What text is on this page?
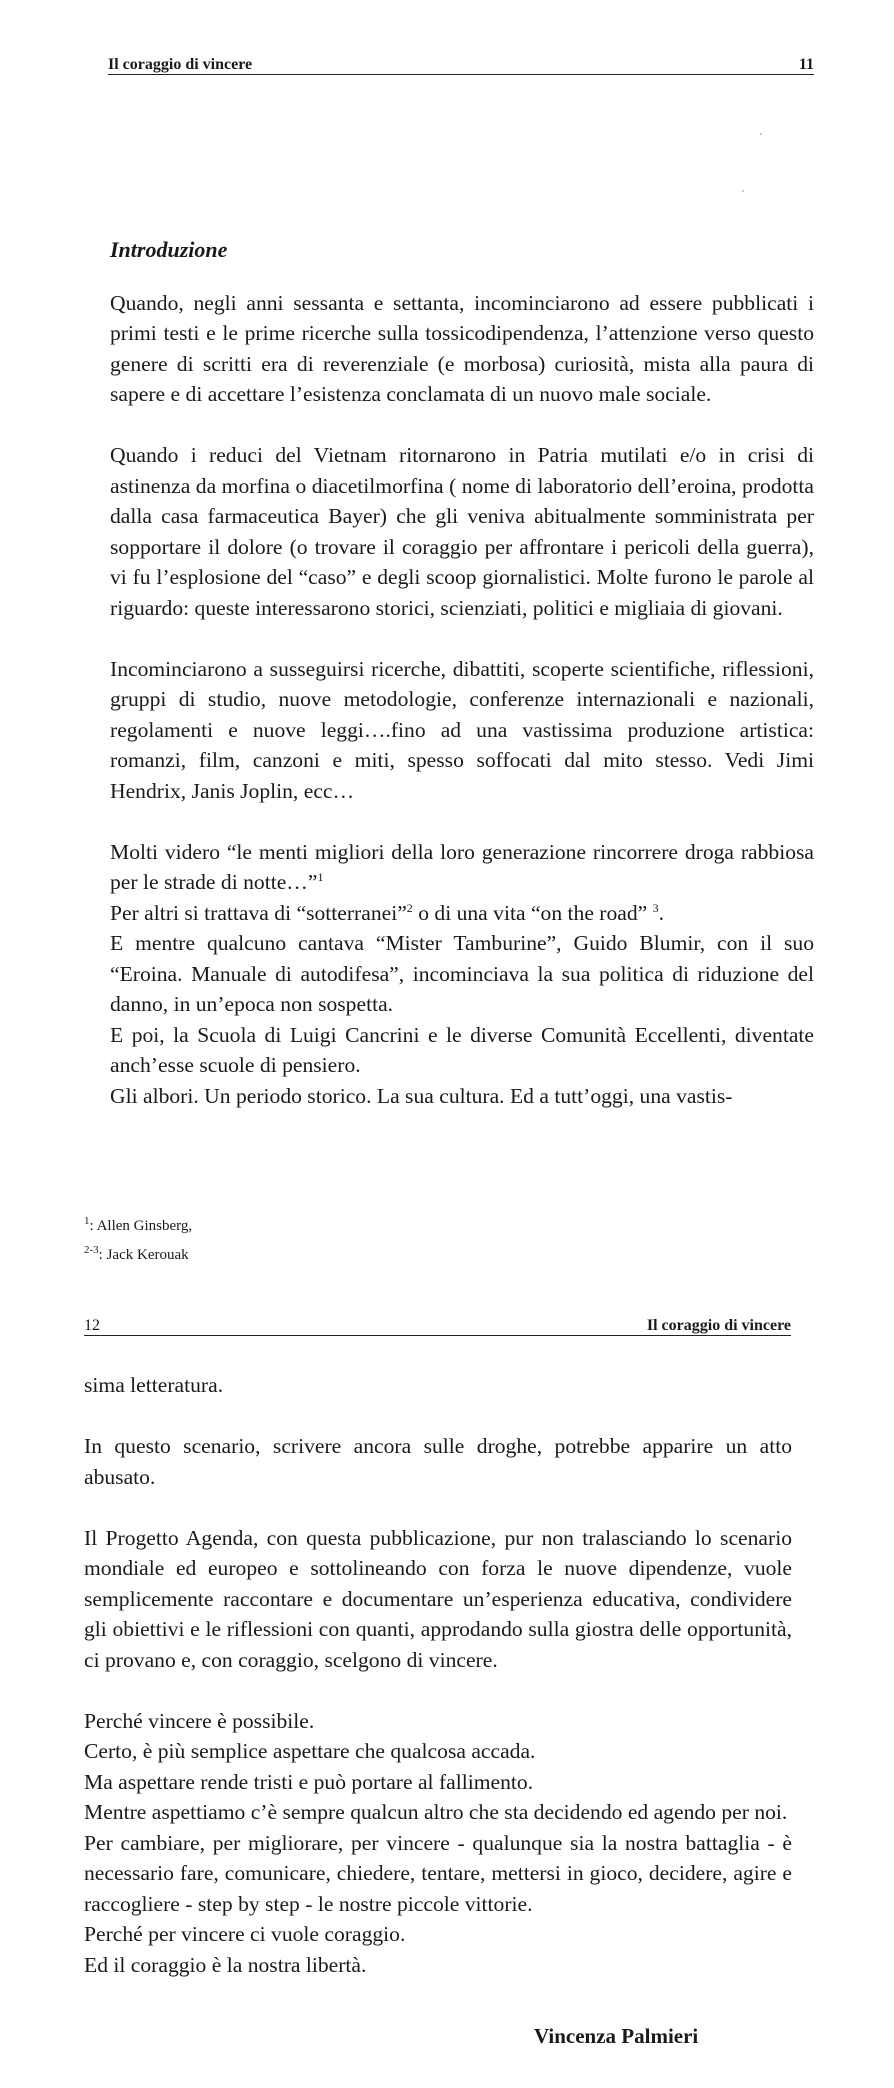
Il coraggio di vincere	11
Introduzione

Quando, negli anni sessanta e settanta, incominciarono ad essere pubblicati i primi testi e le prime ricerche sulla tossicodipendenza, l’attenzione verso questo genere di scritti era di reverenziale (e morbosa) curiosità, mista alla paura di sapere e di accettare l’esistenza conclamata di un nuovo male sociale.

Quando i reduci del Vietnam ritornarono in Patria mutilati e/o in crisi di astinenza da morfina o diacetilmorfina ( nome di laboratorio dell’eroina, prodotta dalla casa farmaceutica Bayer) che gli veniva abitualmente somministrata per sopportare il dolore (o trovare il coraggio per affrontare i pericoli della guerra), vi fu l’esplosione del “caso” e degli scoop giornalistici. Molte furono le parole al riguardo: queste interessarono storici, scienziati, politici e migliaia di giovani.

Incominciarono a susseguirsi ricerche, dibattiti, scoperte scientifiche, riflessioni, gruppi di studio, nuove metodologie, conferenze internazionali e nazionali, regolamenti e nuove leggi….fino ad una vastissima produzione artistica: romanzi, film, canzoni e miti, spesso soffocati dal mito stesso. Vedi Jimi Hendrix, Janis Joplin, ecc…

Molti videro “le menti migliori della loro generazione rincorrere droga rabbiosa per le strade di notte…”$^1$
Per altri si trattava di “sotterranei”$^2$ o di una vita “on the road” $^3$.
E mentre qualcuno cantava “Mister Tamburine”, Guido Blumir, con il suo “Eroina. Manuale di autodifesa”, incominciava la sua politica di riduzione del danno, in un’epoca non sospetta.
E poi, la Scuola di Luigi Cancrini e le diverse Comunità Eccellenti, diventate anch’esse scuole di pensiero.
Gli albori. Un periodo storico. La sua cultura. Ed a tutt’oggi, una vastis-
$^1$: Allen Ginsberg,
$^{2-3}$: Jack Kerouak
12	Il coraggio di vincere

sima letteratura.

In questo scenario, scrivere ancora sulle droghe, potrebbe apparire un atto abusato.

Il Progetto Agenda, con questa pubblicazione, pur non tralasciando lo scenario mondiale ed europeo e sottolineando con forza le nuove dipendenze, vuole semplicemente raccontare e documentare un’esperienza educativa, condividere gli obiettivi e le riflessioni con quanti, approdando sulla giostra delle opportunità, ci provano e, con coraggio, scelgono di vincere.

Perché vincere è possibile.
Certo, è più semplice aspettare che qualcosa accada.
Ma aspettare rende tristi e può portare al fallimento.
Mentre aspettiamo c’è sempre qualcun altro che sta decidendo ed agendo per noi.
Per cambiare, per migliorare, per vincere - qualunque sia la nostra battaglia - è necessario fare, comunicare, chiedere, tentare, mettersi in gioco, decidere, agire e raccogliere - step by step - le nostre piccole vittorie.
Perché per vincere ci vuole coraggio.
Ed il coraggio è la nostra libertà.
Vincenza Palmieri
